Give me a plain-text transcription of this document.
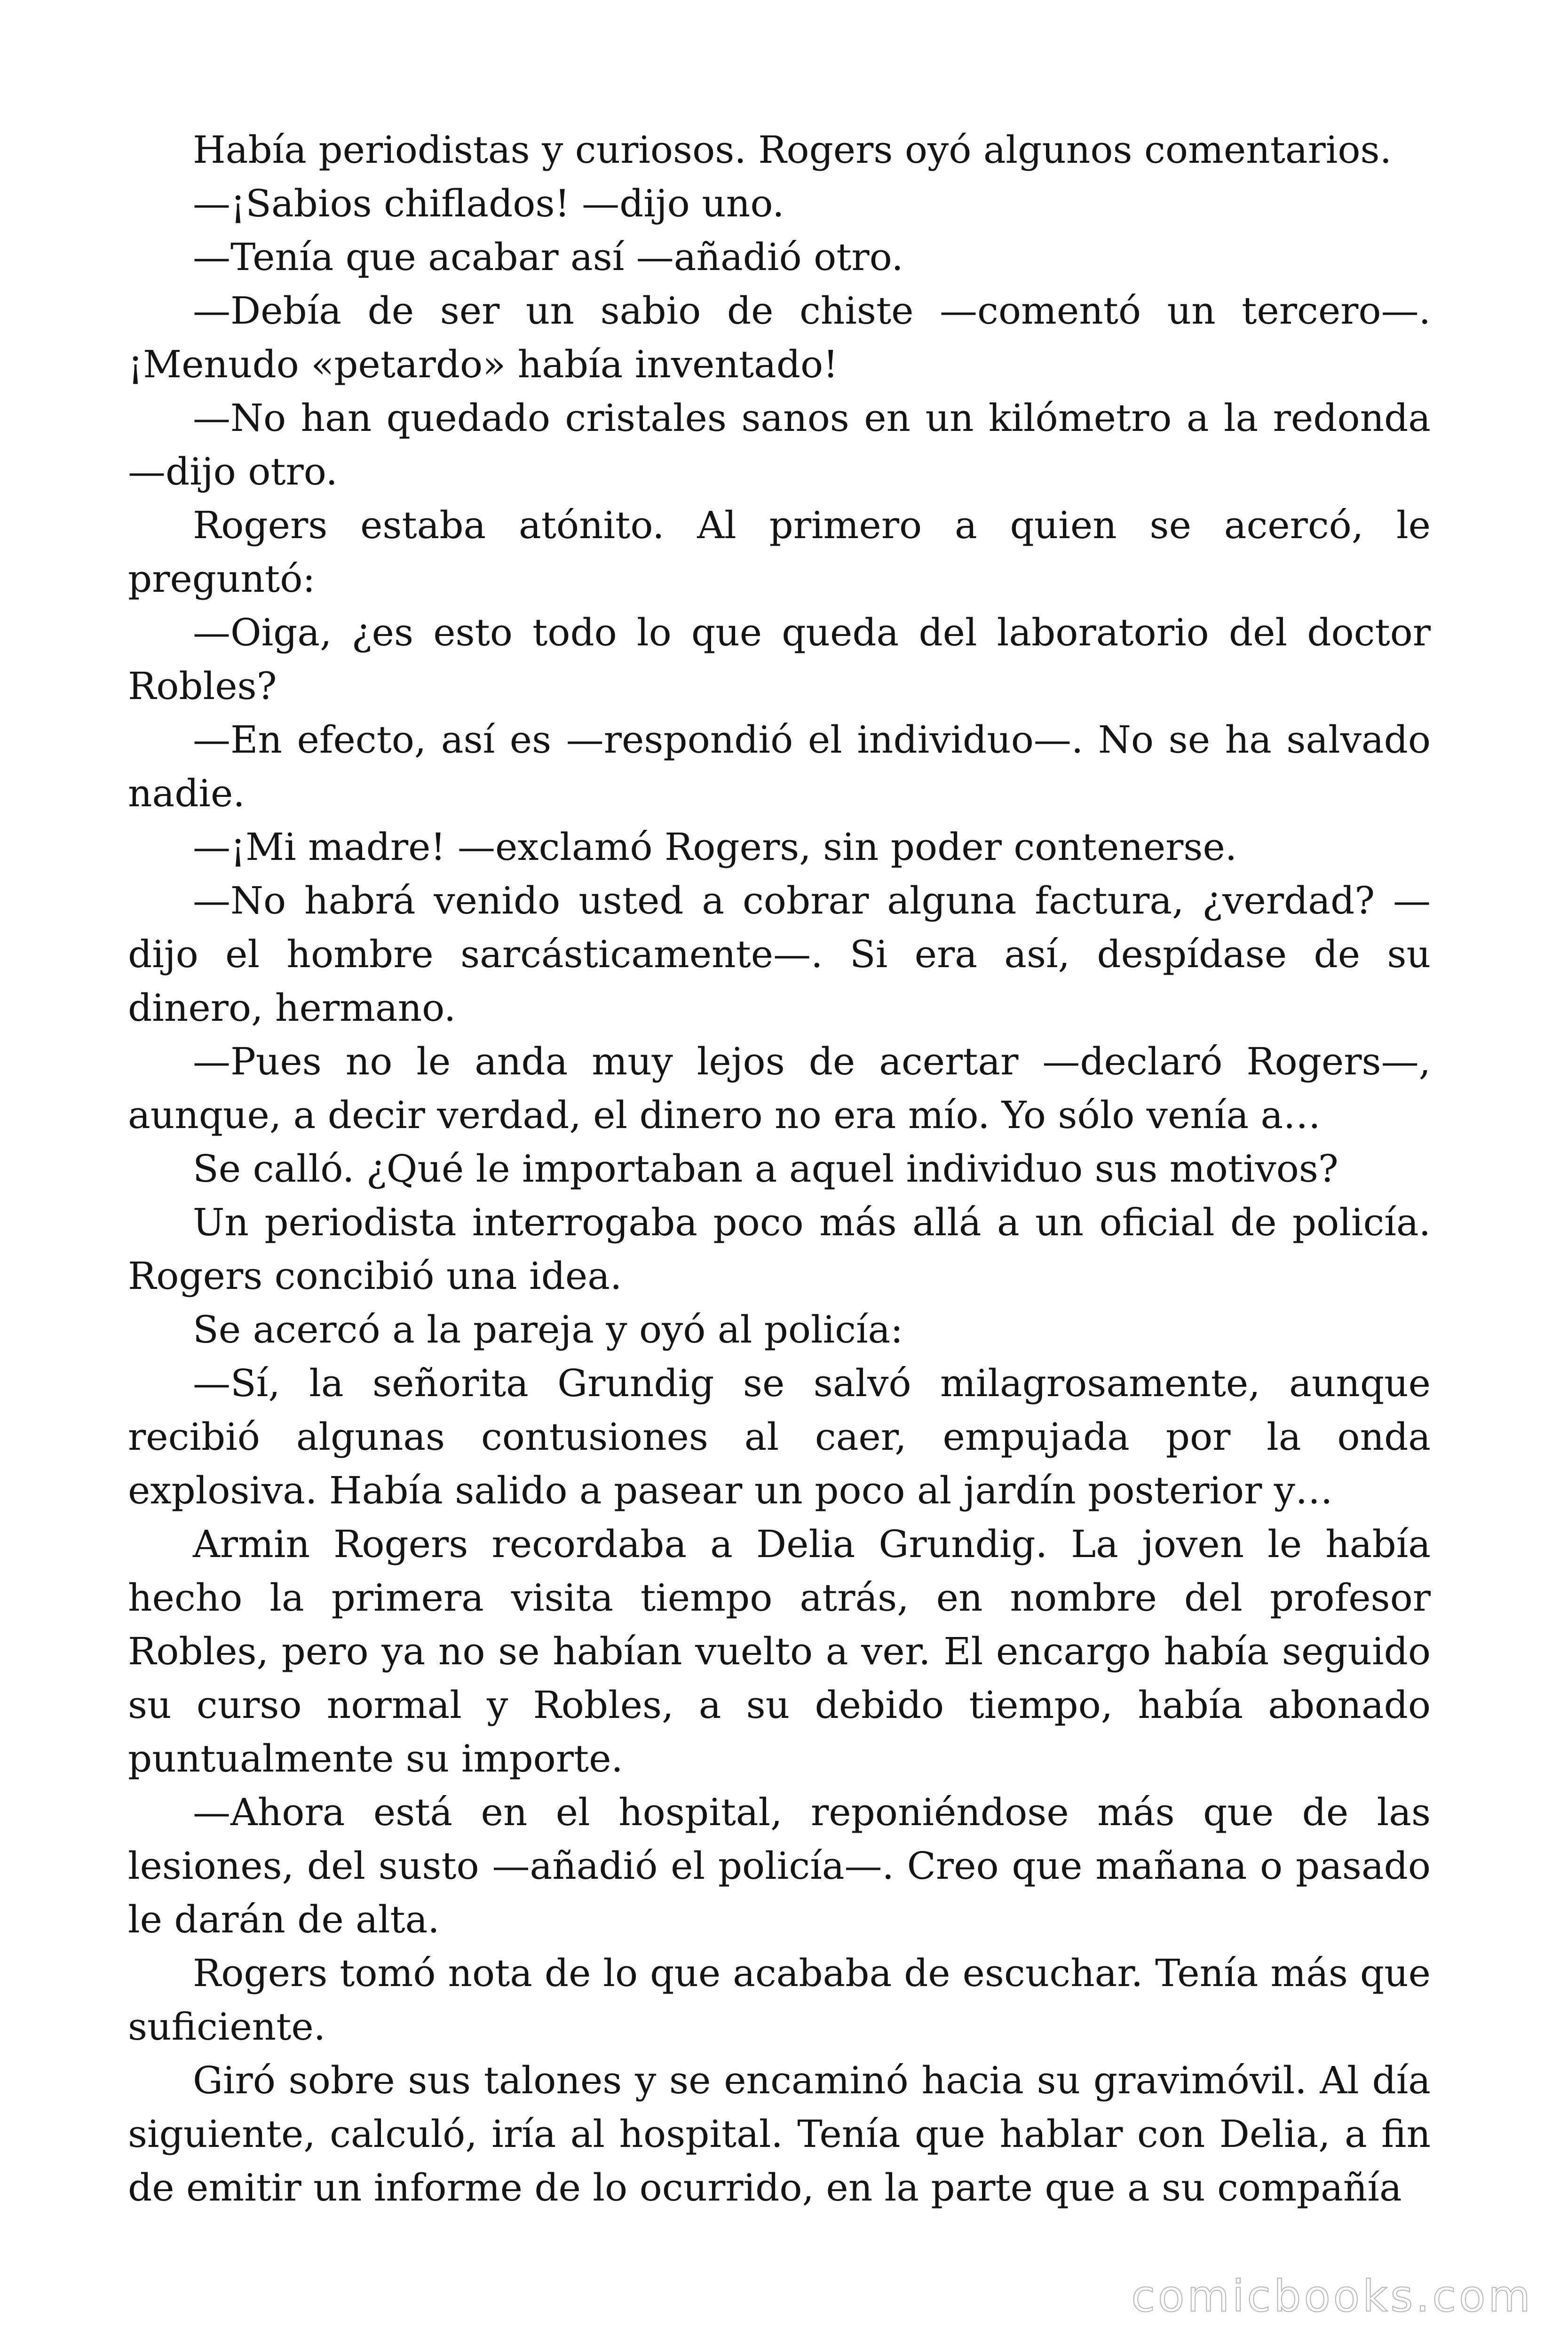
Había periodistas y curiosos. Rogers oyó algunos comentarios.

—¡Sabios chiflados! —dijo uno.

—Tenía que acabar así —añadió otro.

—Debía de ser un sabio de chiste —comentó un tercero—. ¡Menudo «petardo» había inventado!

—No han quedado cristales sanos en un kilómetro a la redonda —dijo otro.

Rogers estaba atónito. Al primero a quien se acercó, le preguntó:

—Oiga, ¿es esto todo lo que queda del laboratorio del doctor Robles?

—En efecto, así es —respondió el individuo—. No se ha salvado nadie.

—¡Mi madre! —exclamó Rogers, sin poder contenerse.

—No habrá venido usted a cobrar alguna factura, ¿verdad? —dijo el hombre sarcásticamente—. Si era así, despídase de su dinero, hermano.

—Pues no le anda muy lejos de acertar —declaró Rogers—, aunque, a decir verdad, el dinero no era mío. Yo sólo venía a…

Se calló. ¿Qué le importaban a aquel individuo sus motivos?

Un periodista interrogaba poco más allá a un oficial de policía. Rogers concibió una idea.

Se acercó a la pareja y oyó al policía:

—Sí, la señorita Grundig se salvó milagrosamente, aunque recibió algunas contusiones al caer, empujada por la onda explosiva. Había salido a pasear un poco al jardín posterior y…

Armin Rogers recordaba a Delia Grundig. La joven le había hecho la primera visita tiempo atrás, en nombre del profesor Robles, pero ya no se habían vuelto a ver. El encargo había seguido su curso normal y Robles, a su debido tiempo, había abonado puntualmente su importe.

—Ahora está en el hospital, reponiéndose más que de las lesiones, del susto —añadió el policía—. Creo que mañana o pasado le darán de alta.

Rogers tomó nota de lo que acababa de escuchar. Tenía más que suficiente.

Giró sobre sus talones y se encaminó hacia su gravimóvil. Al día siguiente, calculó, iría al hospital. Tenía que hablar con Delia, a fin de emitir un informe de lo ocurrido, en la parte que a su compañía

comicbooks.com
